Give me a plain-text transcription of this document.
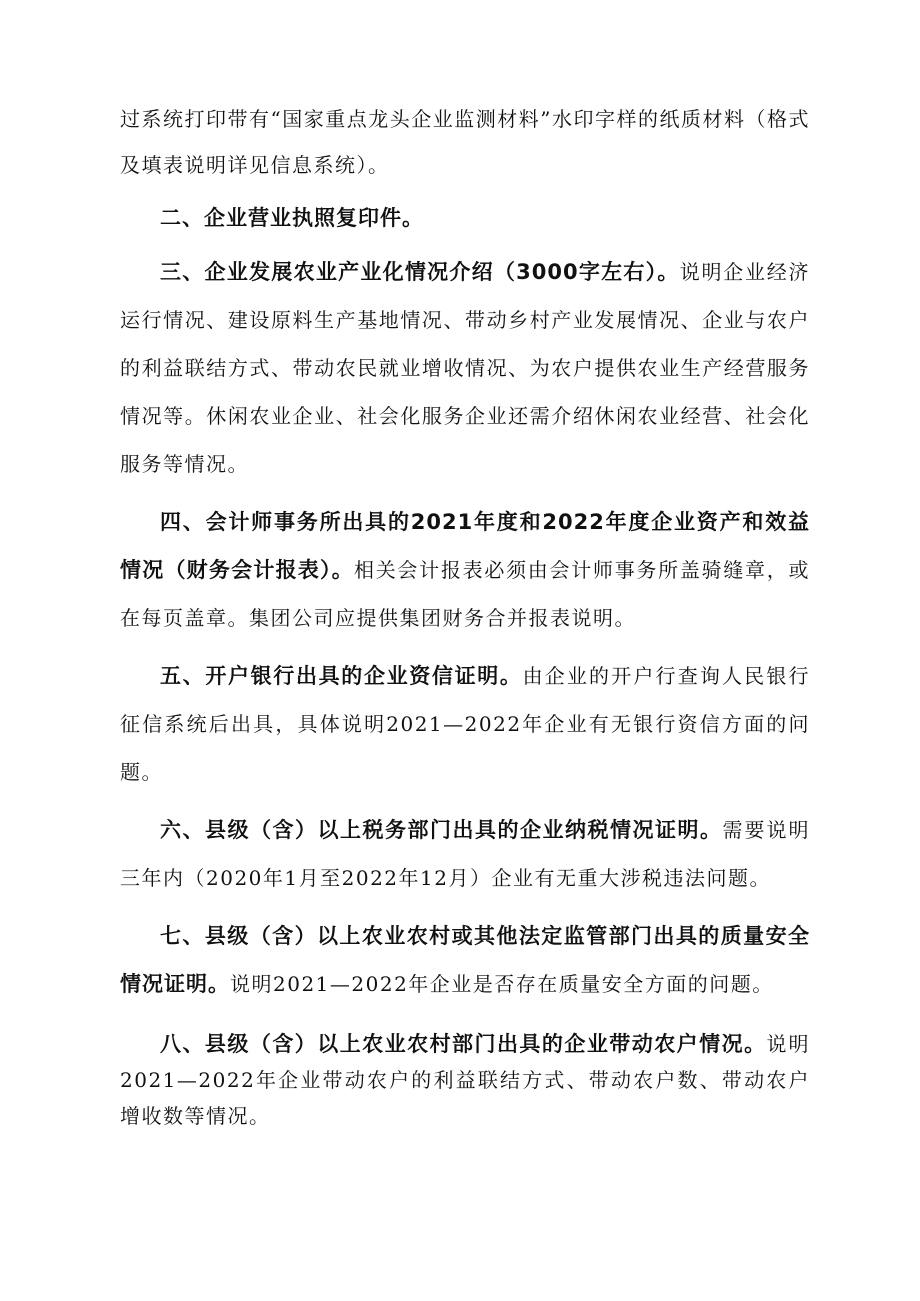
过系统打印带有“国家重点龙头企业监测材料”水印字样的纸质材料（格式及填表说明详见信息系统）。

二、企业营业执照复印件。

三、企业发展农业产业化情况介绍（3000字左右）。说明企业经济运行情况、建设原料生产基地情况、带动乡村产业发展情况、企业与农户的利益联结方式、带动农民就业增收情况、为农户提供农业生产经营服务情况等。休闲农业企业、社会化服务企业还需介绍休闲农业经营、社会化服务等情况。

四、会计师事务所出具的2021年度和2022年度企业资产和效益情况（财务会计报表）。相关会计报表必须由会计师事务所盖骑缝章，或在每页盖章。集团公司应提供集团财务合并报表说明。

五、开户银行出具的企业资信证明。由企业的开户行查询人民银行征信系统后出具，具体说明2021—2022年企业有无银行资信方面的问题。

六、县级（含）以上税务部门出具的企业纳税情况证明。需要说明三年内（2020年1月至2022年12月）企业有无重大涉税违法问题。

七、县级（含）以上农业农村或其他法定监管部门出具的质量安全情况证明。说明2021—2022年企业是否存在质量安全方面的问题。

八、县级（含）以上农业农村部门出具的企业带动农户情况。说明2021—2022年企业带动农户的利益联结方式、带动农户数、带动农户增收数等情况。
